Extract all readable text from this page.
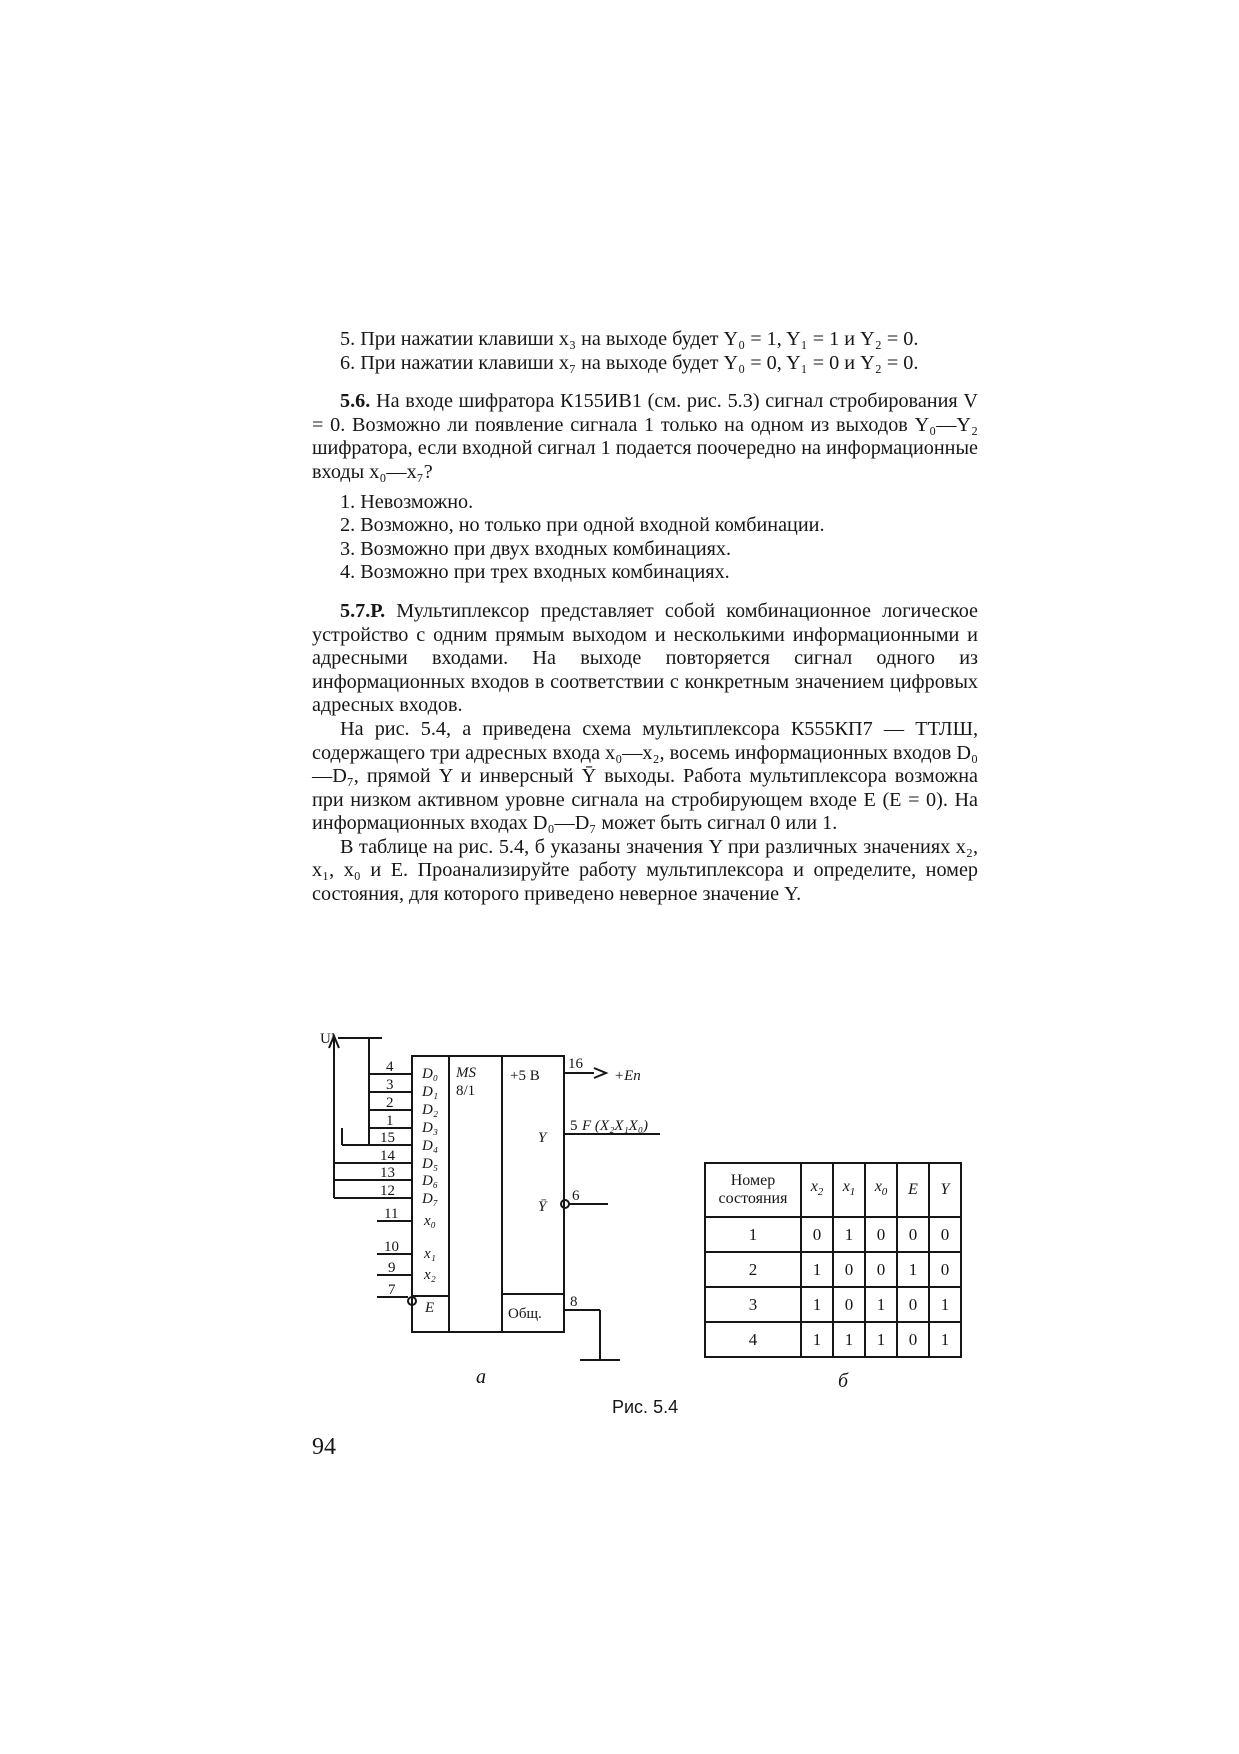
5. При нажатии клавиши x₃ на выходе будет Y₀ = 1, Y₁ = 1 и Y₂ = 0.

6. При нажатии клавиши x₇ на выходе будет Y₀ = 0, Y₁ = 0 и Y₂ = 0.

5.6. На входе шифратора К155ИВ1 (см. рис. 5.3) сигнал стробирования V = 0. Возможно ли появление сигнала 1 только на одном из выходов Y₀—Y₂ шифратора, если входной сигнал 1 подается поочередно на информационные входы x₀—x₇?

1. Невозможно.

2. Возможно, но только при одной входной комбинации.

3. Возможно при двух входных комбинациях.

4. Возможно при трех входных комбинациях.

5.7.Р. Мультиплексор представляет собой комбинационное логическое устройство с одним прямым выходом и несколькими информационными и адресными входами. На выходе повторяется сигнал одного из информационных входов в соответствии с конкретным значением цифровых адресных входов.

На рис. 5.4, а приведена схема мультиплексора К555КП7 — ТТЛШ, содержащего три адресных входа x₀—x₂, восемь информационных входов D₀—D₇, прямой Y и инверсный Ȳ выходы. Работа мультиплексора возможна при низком активном уровне сигнала на стробирующем входе E (E = 0). На информационных входах D₀—D₇ может быть сигнал 0 или 1.

В таблице на рис. 5.4, б указаны значения Y при различных значениях x₂, x₁, x₀ и E. Проанализируйте работу мультиплексора и определите, номер состояния, для которого приведено неверное значение Y.

U¹
4
3
2
1
15
14
13
12
11
10
9
7
D₀
D₁
D₂
D₃
D₄
D₅
D₆
D₇
x₀
x₁
x₂
E
MS
Y
Ȳ
+Eп
F (X₂X₁X₀)
8/1
+5 В
16
5
6
Общ.
8
а	б
Номер
состояния	$x_2$	$x_1$	$x_0$	E	Y
1	0	1	0	0	0
2	1	0	0	1	0
3	1	0	1	0	1
4	1	1	1	0	1
Рис. 5.4
94
